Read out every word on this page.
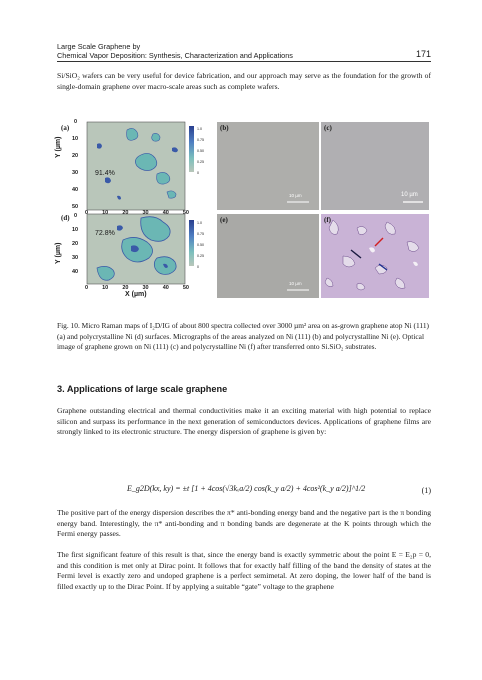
Large Scale Graphene by
Chemical Vapor Deposition: Synthesis, Characterization and Applications	171
Si/SiO₂ wafers can be very useful for device fabrication, and our approach may serve as the foundation for the growth of single-domain graphene over macro-scale areas such as complete wafers.
(a)	(b)	(c)
(d)	(e)	(f)
91.4%
72.8%
Y (µm)
Y (µm)
0
10
20
30
40
50
0
10
20
30
40
0	10	20	30	40	50
0	10	20	30	40	50
X (µm)
1.0
0.75
0.50
0.25
0
1.0
0.75
0.50
0.25
0
10 µm	10 µm
10 µm
Fig. 10. Micro Raman maps of I₂D/IG of about 800 spectra collected over 3000 µm² area on as-grown graphene atop Ni (111) (a) and polycrystalline Ni (d) surfaces. Micrographs of the areas analyzed on Ni (111) (b) and polycrystalline Ni (e). Optical image of graphene grown on Ni (111) (c) and polycrystalline Ni (f) after transferred onto Si.SiO₂ substrates.
3. Applications of large scale graphene
Graphene outstanding electrical and thermal conductivities make it an exciting material with high potential to replace silicon and surpass its performance in the next generation of semiconductors devices. Applications of graphene films are strongly linked to its electronic structure. The energy dispersion of graphene is given by:
E_g2D(kx, ky) = ±t [1 + 4cos(√3kₓa/2) cos(k_y a/2) + 4cos²(k_y a/2)]^1/2	(1)
The positive part of the energy dispersion describes the π* anti-bonding energy band and the negative part is the π bonding energy band. Interestingly, the π* anti-bonding and π bonding bands are degenerate at the K points through which the Fermi energy passes.
The first significant feature of this result is that, since the energy band is exactly symmetric about the point E = E₂p = 0, and this condition is met only at Dirac point. It follows that for exactly half filling of the band the density of states at the Fermi level is exactly zero and undoped graphene is a perfect semimetal. At zero doping, the lower half of the band is filled exactly up to the Dirac Point. If by applying a suitable “gate” voltage to the graphene
